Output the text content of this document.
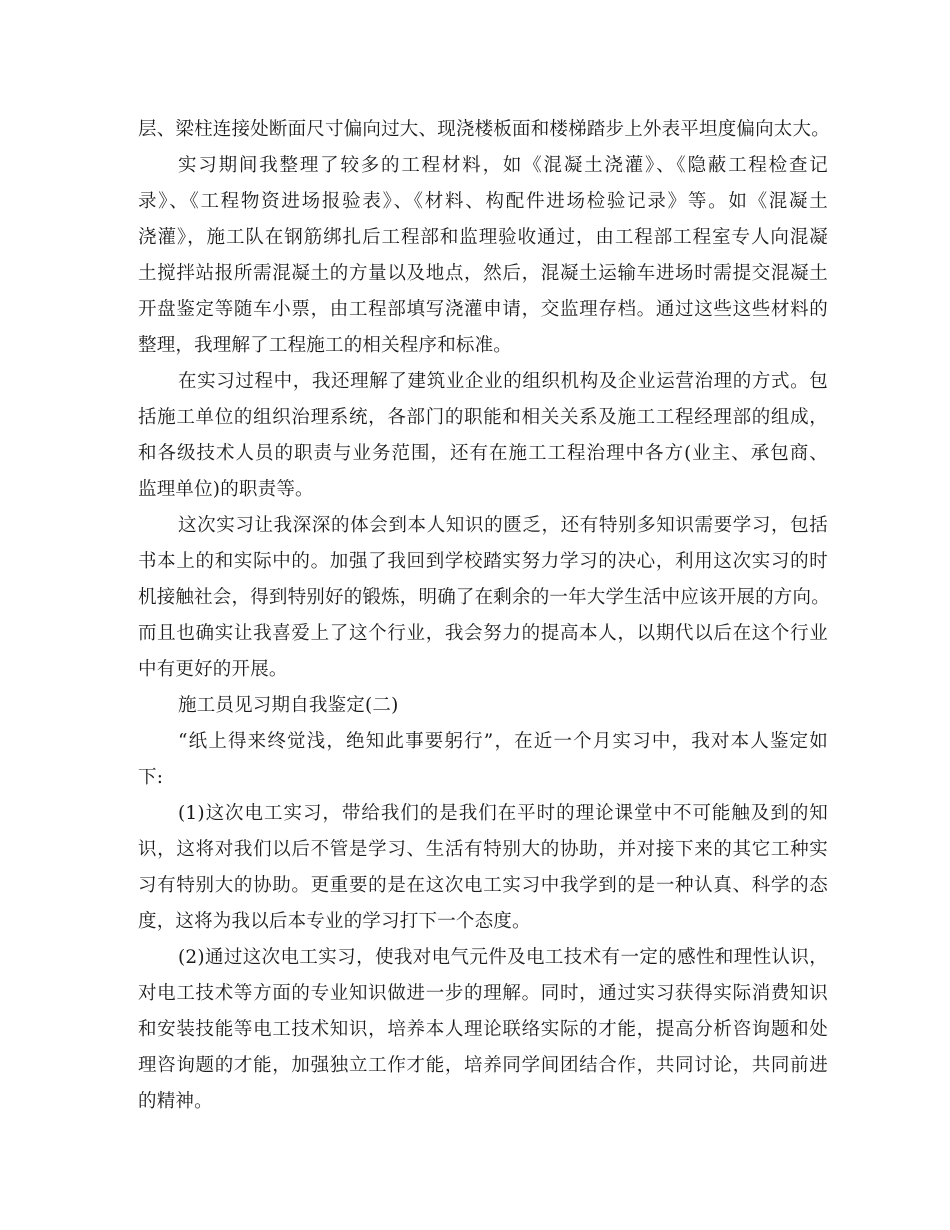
层、梁柱连接处断面尺寸偏向过大、现浇楼板面和楼梯踏步上外表平坦度偏向太大。
实习期间我整理了较多的工程材料，如《混凝土浇灌》、《隐蔽工程检查记
录》、《工程物资进场报验表》、《材料、构配件进场检验记录》等。如《混凝土
浇灌》，施工队在钢筋绑扎后工程部和监理验收通过，由工程部工程室专人向混凝
土搅拌站报所需混凝土的方量以及地点，然后，混凝土运输车进场时需提交混凝土
开盘鉴定等随车小票，由工程部填写浇灌申请，交监理存档。通过这些这些材料的
整理，我理解了工程施工的相关程序和标准。
在实习过程中，我还理解了建筑业企业的组织机构及企业运营治理的方式。包
括施工单位的组织治理系统，各部门的职能和相关关系及施工工程经理部的组成，
和各级技术人员的职责与业务范围，还有在施工工程治理中各方(业主、承包商、
监理单位)的职责等。
这次实习让我深深的体会到本人知识的匮乏，还有特别多知识需要学习，包括
书本上的和实际中的。加强了我回到学校踏实努力学习的决心，利用这次实习的时
机接触社会，得到特别好的锻炼，明确了在剩余的一年大学生活中应该开展的方向。
而且也确实让我喜爱上了这个行业，我会努力的提高本人，以期代以后在这个行业
中有更好的开展。
施工员见习期自我鉴定(二)
“纸上得来终觉浅，绝知此事要躬行”，在近一个月实习中，我对本人鉴定如
下:
(1)这次电工实习，带给我们的是我们在平时的理论课堂中不可能触及到的知
识，这将对我们以后不管是学习、生活有特别大的协助，并对接下来的其它工种实
习有特别大的协助。更重要的是在这次电工实习中我学到的是一种认真、科学的态
度，这将为我以后本专业的学习打下一个态度。
(2)通过这次电工实习，使我对电气元件及电工技术有一定的感性和理性认识，
对电工技术等方面的专业知识做进一步的理解。同时，通过实习获得实际消费知识
和安装技能等电工技术知识，培养本人理论联络实际的才能，提高分析咨询题和处
理咨询题的才能，加强独立工作才能，培养同学间团结合作，共同讨论，共同前进
的精神。
